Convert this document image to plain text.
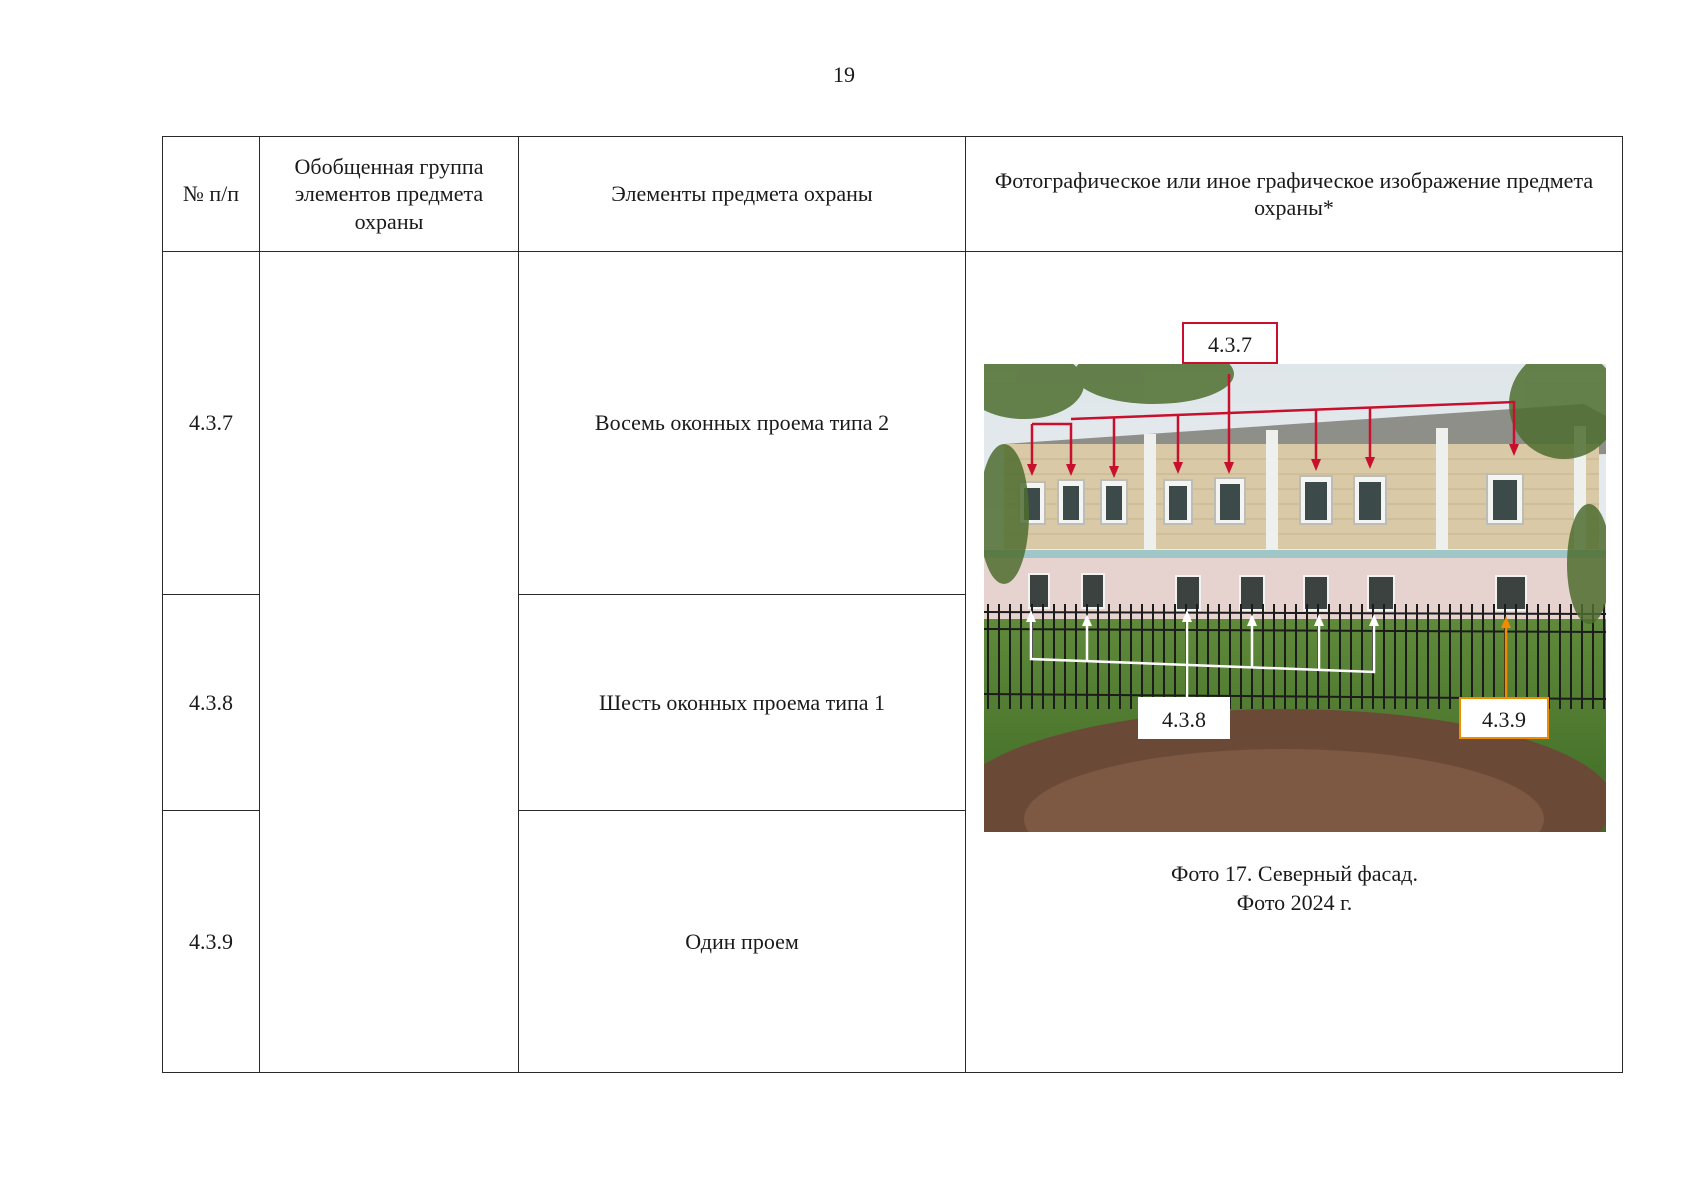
19
№ п/п	Обобщенная группа элементов предмета охраны	Элементы предмета охраны	Фотографическое или иное графическое изображение предмета охраны*
4.3.7		Восемь оконных проема типа 2	4.3.7
4.3.8 4.3.9
Фото 17. Северный фасад.
Фото 2024 г.

4.3.8		Шесть оконных проема типа 1	
4.3.9		Один проем	
